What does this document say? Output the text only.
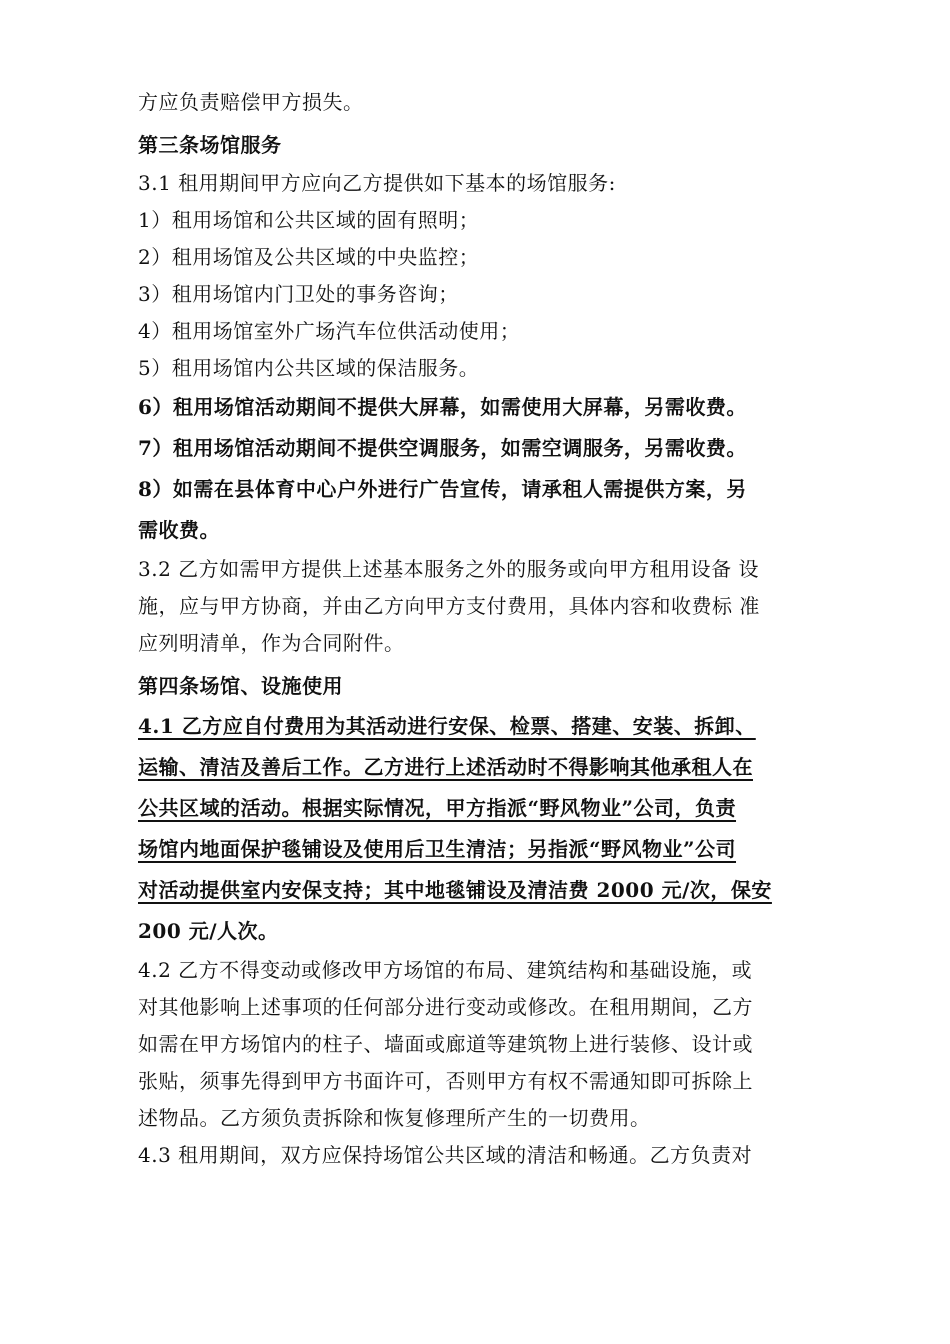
方应负责赔偿甲方损失。
第三条场馆服务
3.1 租用期间甲方应向乙方提供如下基本的场馆服务:
1）租用场馆和公共区域的固有照明；
2）租用场馆及公共区域的中央监控；
3）租用场馆内门卫处的事务咨询；
4）租用场馆室外广场汽车位供活动使用；
5）租用场馆内公共区域的保洁服务。
6）租用场馆活动期间不提供大屏幕，如需使用大屏幕，另需收费。
7）租用场馆活动期间不提供空调服务，如需空调服务，另需收费。
8）如需在县体育中心户外进行广告宣传，请承租人需提供方案，另
需收费。
3.2 乙方如需甲方提供上述基本服务之外的服务或向甲方租用设备 设
施，应与甲方协商，并由乙方向甲方支付费用，具体内容和收费标 准
应列明清单，作为合同附件。
第四条场馆、设施使用
4.1 乙方应自付费用为其活动进行安保、检票、搭建、安装、拆卸、
运输、清洁及善后工作。乙方进行上述活动时不得影响其他承租人在
公共区域的活动。根据实际情况，甲方指派“野风物业”公司，负责
场馆内地面保护毯铺设及使用后卫生清洁；另指派“野风物业”公司
对活动提供室内安保支持；其中地毯铺设及清洁费 2000 元/次，保安
200 元/人次。
4.2 乙方不得变动或修改甲方场馆的布局、建筑结构和基础设施，或
对其他影响上述事项的任何部分进行变动或修改。在租用期间，乙方
如需在甲方场馆内的柱子、墙面或廊道等建筑物上进行装修、设计或
张贴，须事先得到甲方书面许可，否则甲方有权不需通知即可拆除上
述物品。乙方须负责拆除和恢复修理所产生的一切费用。
4.3 租用期间，双方应保持场馆公共区域的清洁和畅通。乙方负责对
